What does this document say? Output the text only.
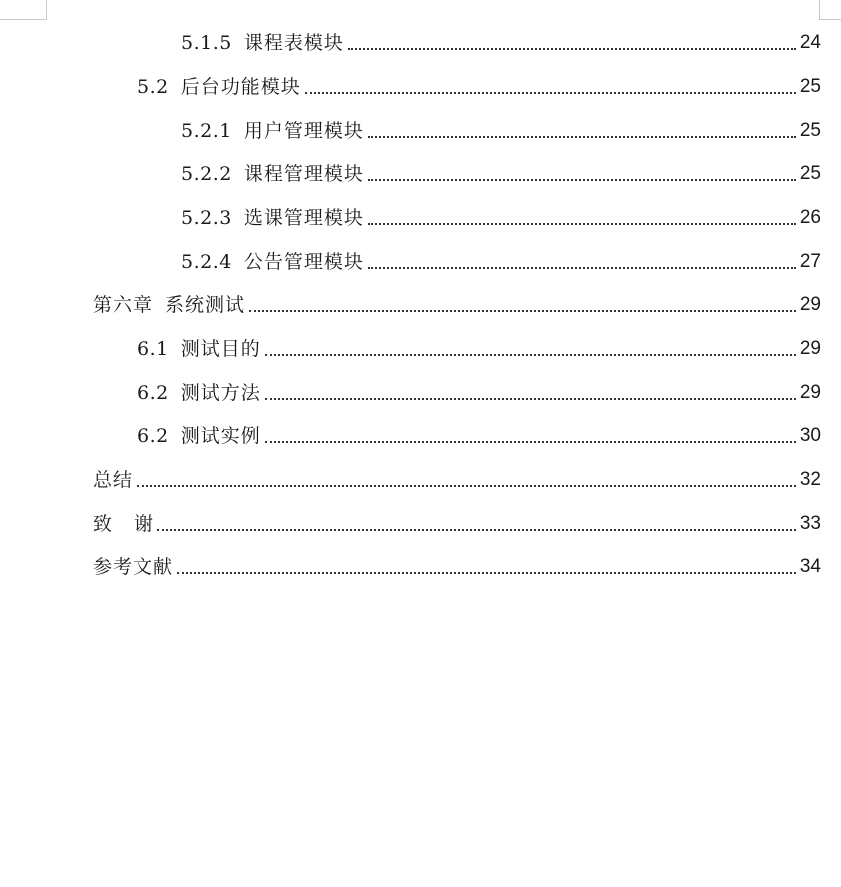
5.1.5 课程表模块	24
5.2 后台功能模块	25
5.2.1 用户管理模块	25
5.2.2 课程管理模块	25
5.2.3 选课管理模块	26
5.2.4 公告管理模块	27
第六章 系统测试	29
6.1 测试目的	29
6.2 测试方法	29
6.2 测试实例	30
总结	32
致谢	33
参考文献	34
